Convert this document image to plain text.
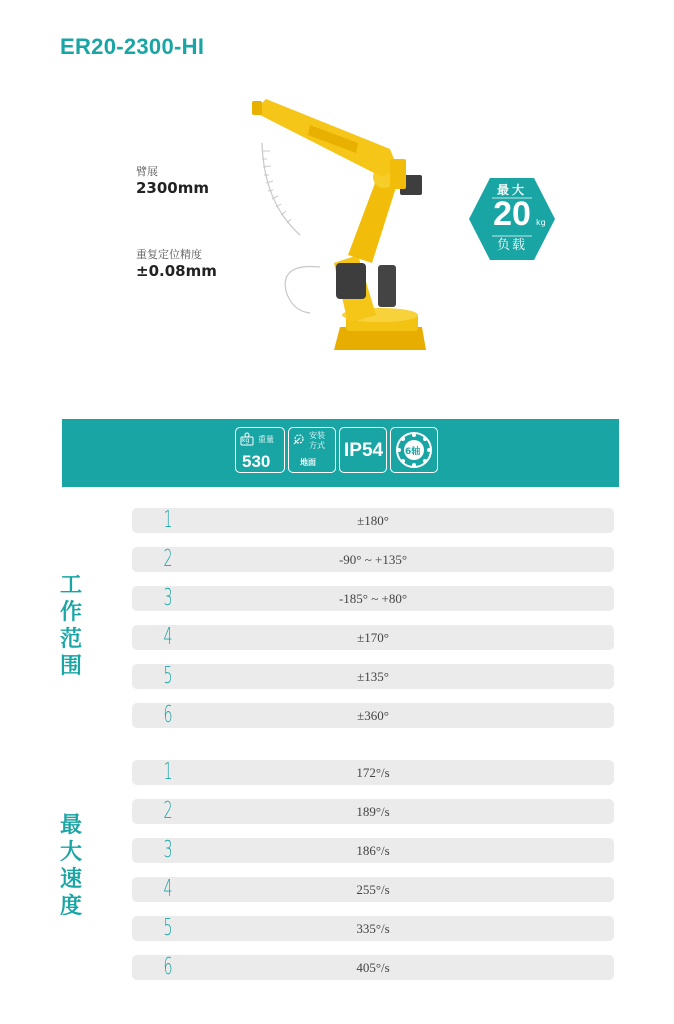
ER20-2300-HI
臂展
2300mm
重复定位精度
±0.08mm
最大
20 kg
负载
kg 重量
530
安装
方式
地面
IP54 6轴
工作范围
最大速度
1	±180°
2	-90° ~ +135°
3	-185° ~ +80°
4	±170°
5	±135°
6	±360°
1	172°/s
2	189°/s
3	186°/s
4	255°/s
5	335°/s
6	405°/s
